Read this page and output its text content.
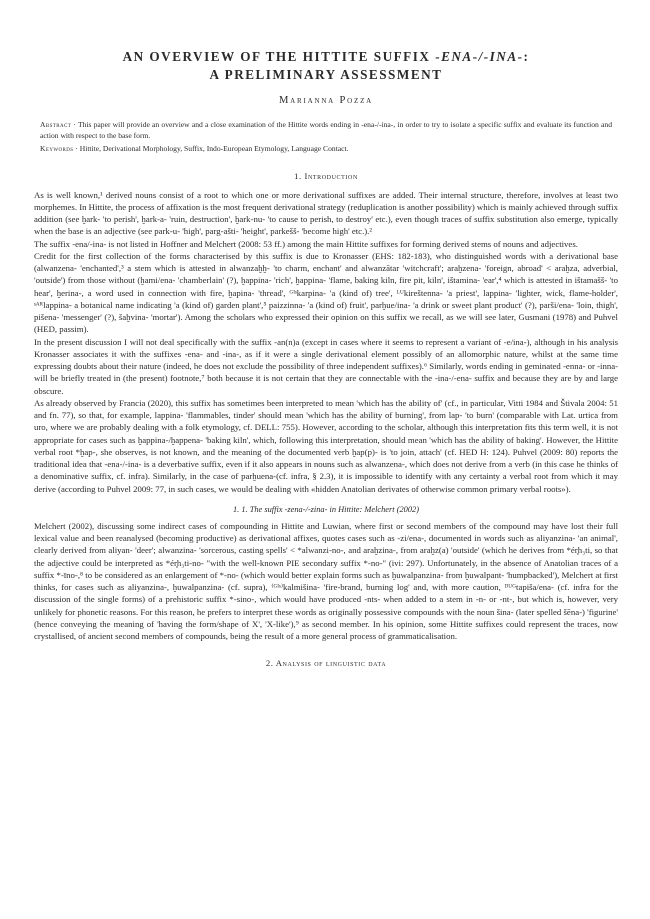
AN OVERVIEW OF THE HITTITE SUFFIX -ENA-/-INA-:
A PRELIMINARY ASSESSMENT
Marianna Pozza

Abstract · This paper will provide an overview and a close examination of the Hittite words ending in -ena-/-ina-, in order to try to isolate a specific suffix and evaluate its function and action with respect to the base form.

Keywords · Hittite, Derivational Morphology, Suffix, Indo-European Etymology, Language Contact.

1. Introduction

As is well known,¹ derived nouns consist of a root to which one or more derivational suffixes are added. Their internal structure, therefore, involves at least two morphemes. In Hittite, the process of affixation is the most frequent derivational strategy (reduplication is another possibility) which is mainly achieved through suffix addition (see ḫark- 'to perish', ḫark-a- 'ruin, destruction', ḫark-nu- 'to cause to perish, to destroy' etc.), even though traces of suffix substitution also emerge, typically when the base is an adjective (see park-u- 'high', parg-ašti- 'height', parkešš- 'become high' etc.).²

The suffix -ena/-ina- is not listed in Hoffner and Melchert (2008: 53 ff.) among the main Hittite suffixes for forming derived stems of nouns and adjectives.

Credit for the first collection of the forms characterised by this suffix is due to Kronasser (EHS: 182-183), who distinguished words with a derivational base (alwanzena- 'enchanted',³ a stem which is attested in alwanzaḫḫ- 'to charm, enchant' and alwanzātar 'witchcraft'; araḫzena- 'foreign, abroad' < araḫza, adverbial, 'outside') from those without (ḫami/ena- 'chamberlain' (?), ḫappina- 'rich', ḫappina- 'flame, baking kiln, fire pit, kiln', ištamina- 'ear',⁴ which is attested in ištamašš- 'to hear', ḫerina-, a word used in connection with fire, ḫapina- 'thread', ᴳᴵˢkarpina- 'a (kind of) tree', ᴸᵁkireštenna- 'a priest', lappina- 'lighter, wick, flame-holder', ˢᴬᴿlappina- a botanical name indicating 'a (kind of) garden plant',⁵ paizzinna- 'a (kind of) fruit', parḫue/ina- 'a drink or sweet plant product' (?), parši/ena- 'loin, thigh', pišena- 'messenger' (?), šaḫvina- 'mortar'). Among the scholars who expressed their opinion on this suffix we recall, as we will see later, Gusmani (1978) and Puhvel (HED, passim).

In the present discussion I will not deal specifically with the suffix -an(n)a (except in cases where it seems to represent a variant of -e/ina-), although in his analysis Kronasser associates it with the suffixes -ena- and -ina-, as if it were a single derivational element possibly of an allomorphic nature, whilst at the same time expressing doubts about their nature (indeed, he does not exclude the possibility of three independent suffixes).⁶ Similarly, words ending in geminated -enna- or -inna- will be briefly treated in (the present) footnote,⁷ both because it is not certain that they are connectable with the -ina-/-ena- suffix and because they are by and large obscure.

As already observed by Francia (2020), this suffix has sometimes been interpreted to mean 'which has the ability of' (cf., in particular, Vitti 1984 and Štivala 2004: 51 and fn. 77), so that, for example, lappina- 'flammables, tinder' should mean 'which has the ability of burning', from lap- 'to burn' (comparable with Lat. urtica from uro, where we are probably dealing with a folk etymology, cf. DELL: 755). However, according to the scholar, although this interpretation fits this term well, it is not appropriate for cases such as ḫappina-/ḫappena- 'baking kiln', which, following this interpretation, should mean 'which has the ability of baking'. However, the Hittite verbal root *ḫap-, she observes, is not known, and the meaning of the documented verb ḫap(p)- is 'to join, attach' (cf. HED H: 124). Puhvel (2009: 80) reports the traditional idea that -ena-/-ina- is a deverbative suffix, even if it also appears in nouns such as alwanzena-, which does not derive from a verb (in this case he thinks of a denominative suffix, cf. infra). Similarly, in the case of parḫuena-(cf. infra, § 2.3), it is impossible to identify with any certainty a verbal root from which it may derive (according to Puhvel 2009: 77, in such cases, we would be dealing with «hidden Anatolian derivates of otherwise common primary verbal roots»).

1. 1. The suffix -zena-/-zina- in Hittite: Melchert (2002)

Melchert (2002), discussing some indirect cases of compounding in Hittite and Luwian, where first or second members of the compound may have lost their full lexical value and been reanalysed (becoming productive) as derivational affixes, quotes cases such as -zi/ena-, documented in words such as aliyanzina- 'an animal', clearly derived from aliyan- 'deer'; alwanzina- 'sorcerous, casting spells' < *alwanzi-no-, and araḫzina-, from araḫz(a) 'outside' (which he derives from *ér̥h₃ti, so that the adjective could be interpreted as *ér̥h₃ti-no- "with the well-known PIE secondary suffix *-no-" (ivi: 297). Unfortunately, in the absence of Anatolian traces of a suffix *-īno-,⁸ to be considered as an enlargement of *-no- (which would better explain forms such as ḫuwalpanzina- from ḫuwalpant- 'humpbacked'), Melchert at first thinks, for cases such as aliyanzina-, ḫuwalpanzina- (cf. supra), ⁽ᴳᴵˢ⁾kalmišina- 'fire-brand, burning log' and, with more caution, ᴰᵁᴳtapiša/ena- (cf. infra for the discussion of the single forms) of a prehistoric suffix *-sino-, which would have produced -nts- when added to a stem in -n- or -nt-, but which is, however, very unlikely for phonetic reasons. For this reason, he prefers to interpret these words as originally possessive compounds with the noun šina- (later spelled šēna-) 'figurine' (hence conveying the meaning of 'having the form/shape of X', 'X-like'),⁹ as second member. In his opinion, some Hittite suffixes could represent the traces, now crystallised, of ancient second members of compounds, being the result of a more general process of grammaticalisation.

2. Analysis of linguistic data
